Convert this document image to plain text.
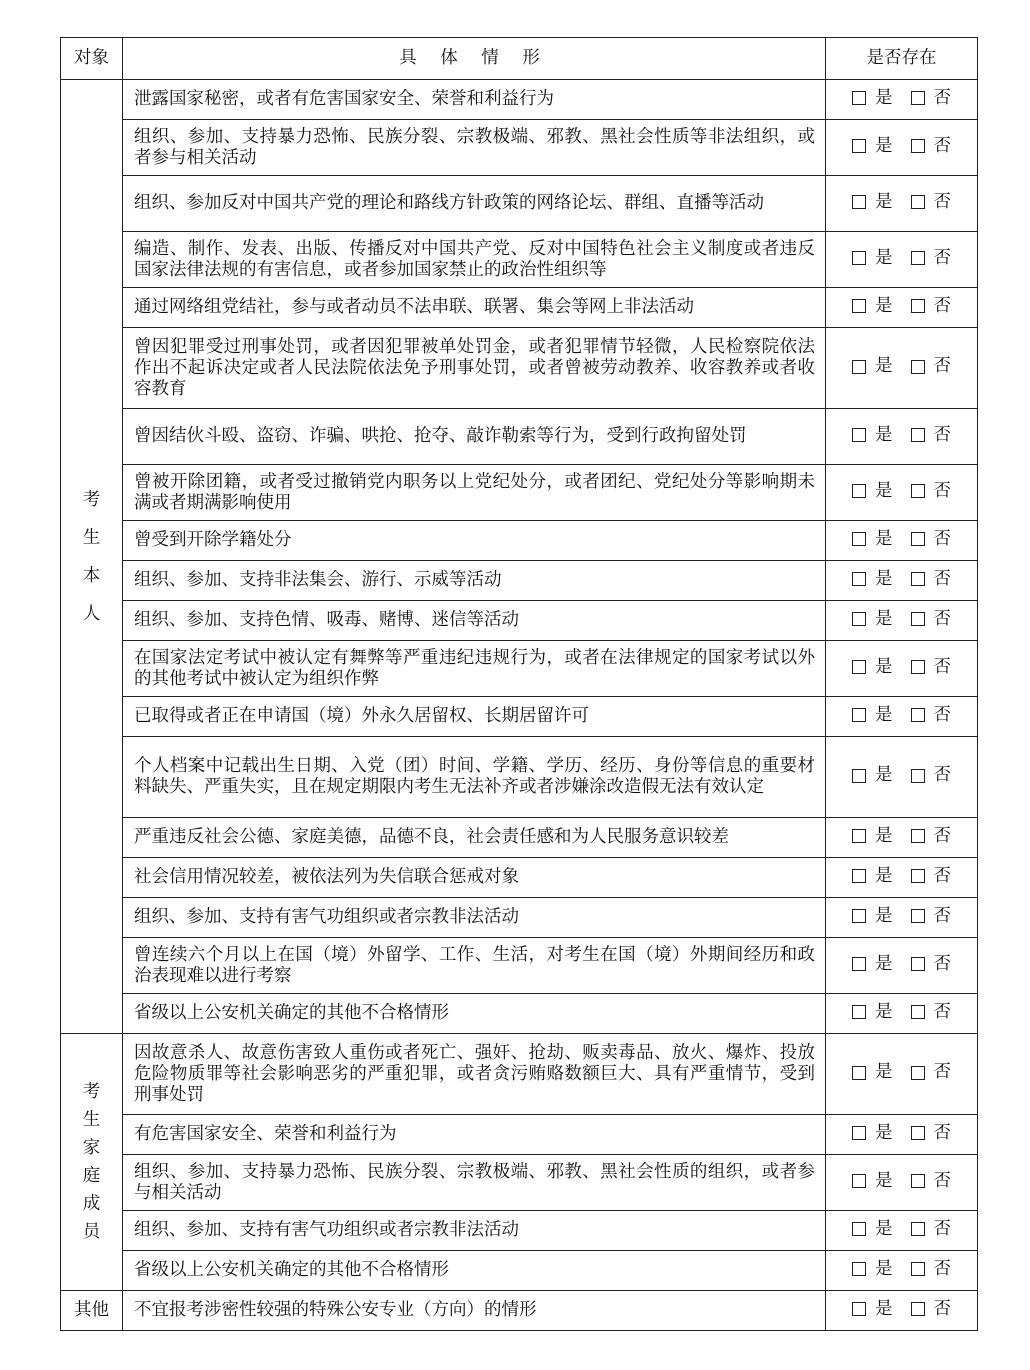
对象	具 体 情 形	是否存在
考生本人	泄露国家秘密，或者有危害国家安全、荣誉和利益行为	是 否

	组织、参加、支持暴力恐怖、民族分裂、宗教极端、邪教、黑社会性质等非法组织，或者参与相关活动	是 否

	组织、参加反对中国共产党的理论和路线方针政策的网络论坛、群组、直播等活动	是 否

	编造、制作、发表、出版、传播反对中国共产党、反对中国特色社会主义制度或者违反国家法律法规的有害信息，或者参加国家禁止的政治性组织等	是 否

	通过网络组党结社，参与或者动员不法串联、联署、集会等网上非法活动	是 否

	曾因犯罪受过刑事处罚，或者因犯罪被单处罚金，或者犯罪情节轻微，人民检察院依法作出不起诉决定或者人民法院依法免予刑事处罚，或者曾被劳动教养、收容教养或者收容教育	是 否

	曾因结伙斗殴、盗窃、诈骗、哄抢、抢夺、敲诈勒索等行为，受到行政拘留处罚	是 否

	曾被开除团籍，或者受过撤销党内职务以上党纪处分，或者团纪、党纪处分等影响期未满或者期满影响使用	是 否

	曾受到开除学籍处分	是 否

	组织、参加、支持非法集会、游行、示威等活动	是 否

	组织、参加、支持色情、吸毒、赌博、迷信等活动	是 否

	在国家法定考试中被认定有舞弊等严重违纪违规行为，或者在法律规定的国家考试以外的其他考试中被认定为组织作弊	是 否

	已取得或者正在申请国（境）外永久居留权、长期居留许可	是 否

	个人档案中记载出生日期、入党（团）时间、学籍、学历、经历、身份等信息的重要材料缺失、严重失实，且在规定期限内考生无法补齐或者涉嫌涂改造假无法有效认定	是 否

	严重违反社会公德、家庭美德，品德不良，社会责任感和为人民服务意识较差	是 否

	社会信用情况较差，被依法列为失信联合惩戒对象	是 否

	组织、参加、支持有害气功组织或者宗教非法活动	是 否

	曾连续六个月以上在国（境）外留学、工作、生活，对考生在国（境）外期间经历和政治表现难以进行考察	是 否

	省级以上公安机关确定的其他不合格情形	是 否

考生家庭成员	因故意杀人、故意伤害致人重伤或者死亡、强奸、抢劫、贩卖毒品、放火、爆炸、投放危险物质罪等社会影响恶劣的严重犯罪，或者贪污贿赂数额巨大、具有严重情节，受到刑事处罚	是 否

	有危害国家安全、荣誉和利益行为	是 否

	组织、参加、支持暴力恐怖、民族分裂、宗教极端、邪教、黑社会性质的组织，或者参与相关活动	是 否

	组织、参加、支持有害气功组织或者宗教非法活动	是 否

	省级以上公安机关确定的其他不合格情形	是 否

其他	不宜报考涉密性较强的特殊公安专业（方向）的情形	是 否
